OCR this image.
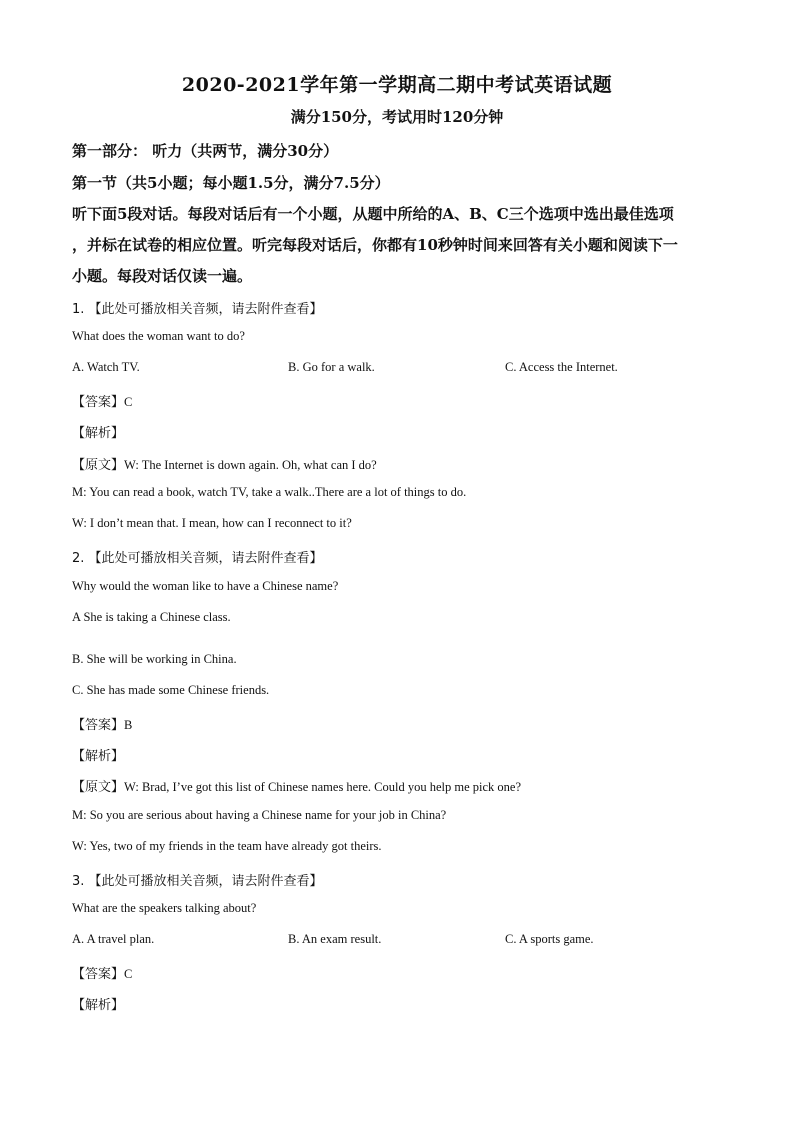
2020-2021学年第一学期高二期中考试英语试题
满分150分，考试用时120分钟
第一部分： 听力（共两节，满分30分）
第一节（共5小题；每小题1.5分，满分7.5分）
听下面5段对话。每段对话后有一个小题，从题中所给的A、B、C三个选项中选出最佳选项
，并标在试卷的相应位置。听完每段对话后，你都有10秒钟时间来回答有关小题和阅读下一
小题。每段对话仅读一遍。
1. 【此处可播放相关音频，请去附件查看】
What does the woman want to do?
A. Watch TV.	B. Go for a walk.	C. Access the Internet.
【答案】C
【解析】
【原文】W: The Internet is down again. Oh, what can I do?
M: You can read a book, watch TV, take a walk..There are a lot of things to do.
W: I don’t mean that. I mean, how can I reconnect to it?
2. 【此处可播放相关音频，请去附件查看】
Why would the woman like to have a Chinese name?
A She is taking a Chinese class.
B. She will be working in China.
C. She has made some Chinese friends.
【答案】B
【解析】
【原文】W: Brad, I’ve got this list of Chinese names here. Could you help me pick one?
M: So you are serious about having a Chinese name for your job in China?
W: Yes, two of my friends in the team have already got theirs.
3. 【此处可播放相关音频，请去附件查看】
What are the speakers talking about?
A. A travel plan.	B. An exam result.	C. A sports game.
【答案】C
【解析】
